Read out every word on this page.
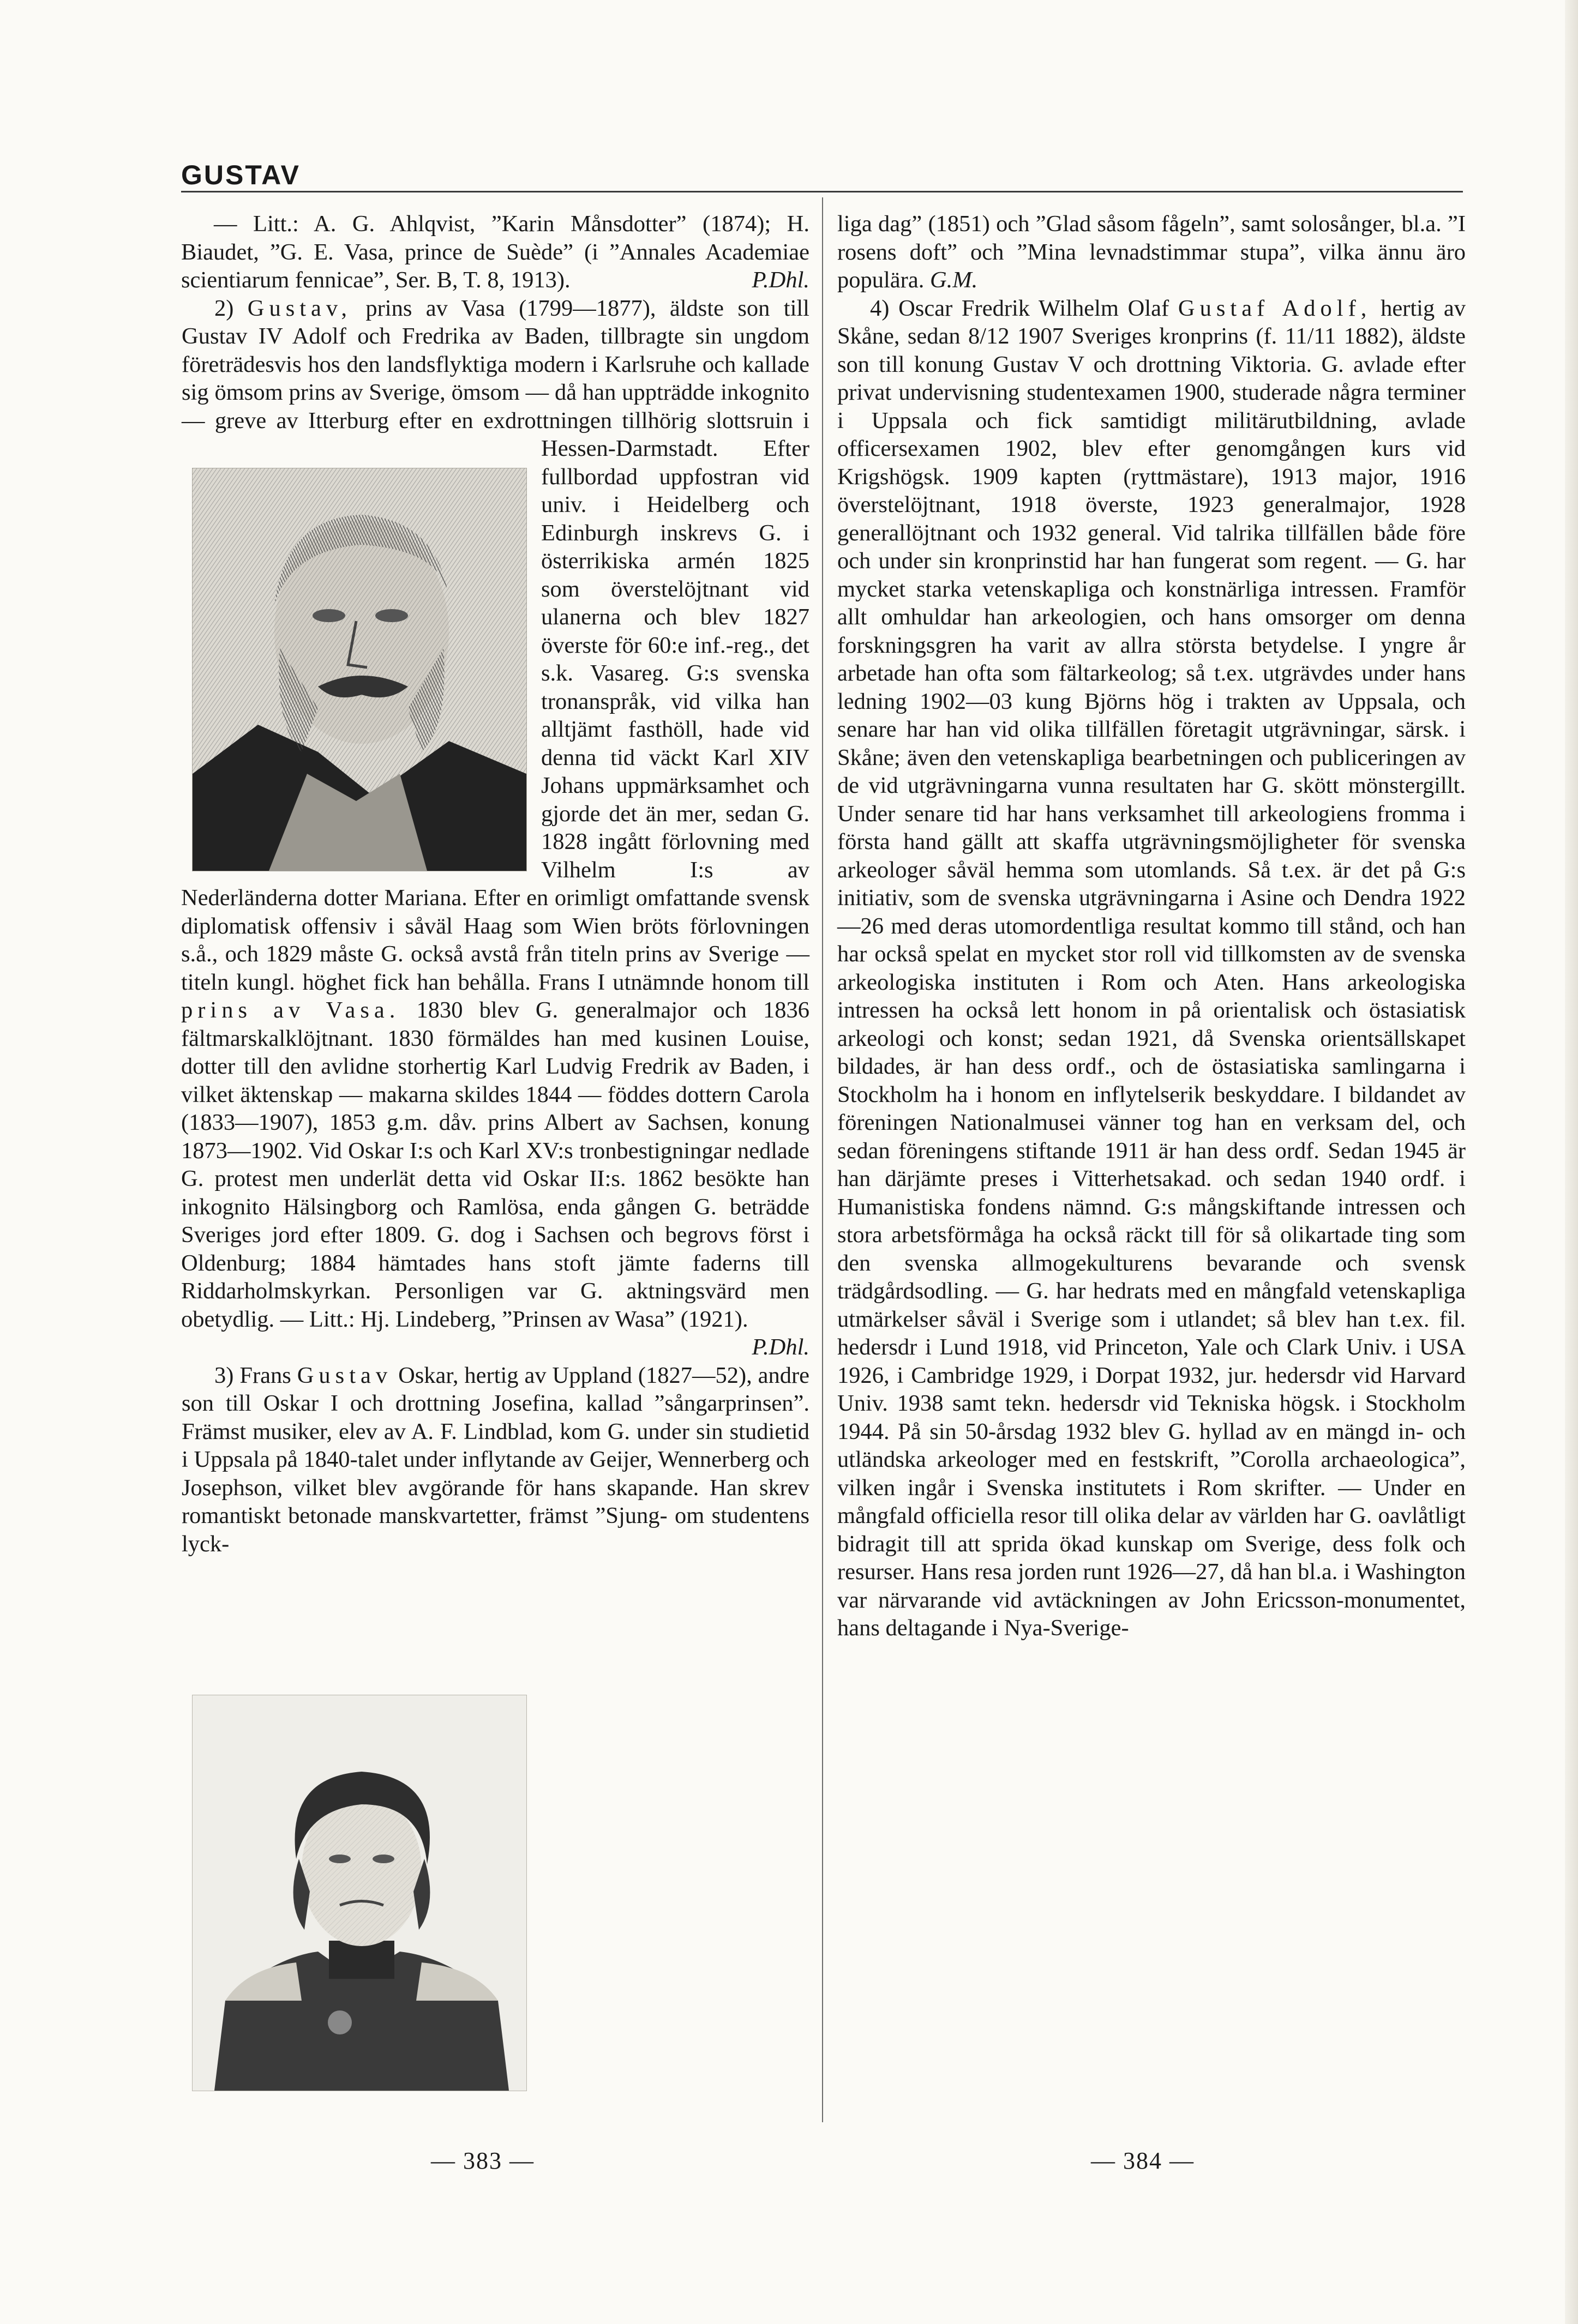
GUSTAV

— Litt.: A. G. Ahlqvist, ”Karin Månsdotter” (1874); H. Biaudet, ”G. E. Vasa, prince de Suède” (i ”Annales Academiae scientiarum fennicae”, Ser. B, T. 8, 1913).	P.Dhl.

2) Gustav, prins av Vasa (1799—1877), äldste son till Gustav IV Adolf och Fredrika av Baden, tillbragte sin ungdom företrädesvis hos den landsflyktiga modern i Karlsruhe och kallade sig ömsom prins av Sverige, ömsom — då han uppträdde inkognito — greve av Itterburg efter en exdrottningen tillhörig slottsruin i Hessen-Darmstadt. Efter fullbordad uppfostran vid univ. i Heidelberg och Edinburgh inskrevs G. i österrikiska armén 1825 som överstelöjtnant vid ulanerna och blev 1827 överste för 60:e inf.-reg., det s.k. Vasareg. G:s svenska tronanspråk, vid vilka han alltjämt fasthöll, hade vid denna tid väckt Karl XIV Johans uppmärksamhet och gjorde det än mer, sedan G. 1828 ingått förlovning med Vilhelm I:s av Nederländerna dotter Mariana. Efter en orimligt omfattande svensk diplomatisk offensiv i såväl Haag som Wien bröts förlovningen s.å., och 1829 måste G. också avstå från titeln prins av Sverige — titeln kungl. höghet fick han behålla. Frans I utnämnde honom till prins av Vasa. 1830 blev G. generalmajor och 1836 fältmarskalklöjtnant. 1830 förmäldes han med kusinen Louise, dotter till den avlidne storhertig Karl Ludvig Fredrik av Baden, i vilket äktenskap — makarna skildes 1844 — föddes dottern Carola (1833—1907), 1853 g.m. dåv. prins Albert av Sachsen, konung 1873—1902. Vid Oskar I:s och Karl XV:s tronbestigningar nedlade G. protest men underlät detta vid Oskar II:s. 1862 besökte han inkognito Hälsingborg och Ramlösa, enda gången G. beträdde Sveriges jord efter 1809. G. dog i Sachsen och begrovs först i Oldenburg; 1884 hämtades hans stoft jämte faderns till Riddarholmskyrkan. Personligen var G. aktningsvärd men obetydlig. — Litt.: Hj. Lindeberg, ”Prinsen av Wasa” (1921).
P.Dhl.

3) Frans Gustav Oskar, hertig av Uppland (1827—52), andre son till Oskar I och drottning Josefina, kallad ”sångarprinsen”. Främst musiker, elev av A. F. Lindblad, kom G. under sin studietid i Uppsala på 1840-talet under inflytande av Geijer, Wennerberg och Josephson, vilket blev avgörande för hans skapande. Han skrev romantiskt betonade manskvartetter, främst ”Sjung- om studentens lyck-

liga dag” (1851) och ”Glad såsom fågeln”, samt solosånger, bl.a. ”I rosens doft” och ”Mina levnadstimmar stupa”, vilka ännu äro populära. G.M.

4) Oscar Fredrik Wilhelm Olaf Gustaf Adolf, hertig av Skåne, sedan 8/12 1907 Sveriges kronprins (f. 11/11 1882), äldste son till konung Gustav V och drottning Viktoria. G. avlade efter privat undervisning studentexamen 1900, studerade några terminer i Uppsala och fick samtidigt militärutbildning, avlade officersexamen 1902, blev efter genomgången kurs vid Krigshögsk. 1909 kapten (ryttmästare), 1913 major, 1916 överstelöjtnant, 1918 överste, 1923 generalmajor, 1928 generallöjtnant och 1932 general. Vid talrika tillfällen både före och under sin kronprinstid har han fungerat som regent. — G. har mycket starka vetenskapliga och konstnärliga intressen. Framför allt omhuldar han arkeologien, och hans omsorger om denna forskningsgren ha varit av allra största betydelse. I yngre år arbetade han ofta som fältarkeolog; så t.ex. utgrävdes under hans ledning 1902—03 kung Björns hög i trakten av Uppsala, och senare har han vid olika tillfällen företagit utgrävningar, särsk. i Skåne; även den vetenskapliga bearbetningen och publiceringen av de vid utgrävningarna vunna resultaten har G. skött mönstergillt. Under senare tid har hans verksamhet till arkeologiens fromma i första hand gällt att skaffa utgrävningsmöjligheter för svenska arkeologer såväl hemma som utomlands. Så t.ex. är det på G:s initiativ, som de svenska utgrävningarna i Asine och Dendra 1922—26 med deras utomordentliga resultat kommo till stånd, och han har också spelat en mycket stor roll vid tillkomsten av de svenska arkeologiska instituten i Rom och Aten. Hans arkeologiska intressen ha också lett honom in på orientalisk och östasiatisk arkeologi och konst; sedan 1921, då Svenska orientsällskapet bildades, är han dess ordf., och de östasiatiska samlingarna i Stockholm ha i honom en inflytelserik beskyddare. I bildandet av föreningen Nationalmusei vänner tog han en verksam del, och sedan föreningens stiftande 1911 är han dess ordf. Sedan 1945 är han därjämte preses i Vitterhetsakad. och sedan 1940 ordf. i Humanistiska fondens nämnd. G:s mångskiftande intressen och stora arbetsförmåga ha också räckt till för så olikartade ting som den svenska allmogekulturens bevarande och svensk trädgårdsodling. — G. har hedrats med en mångfald vetenskapliga utmärkelser såväl i Sverige som i utlandet; så blev han t.ex. fil. hedersdr i Lund 1918, vid Princeton, Yale och Clark Univ. i USA 1926, i Cambridge 1929, i Dorpat 1932, jur. hedersdr vid Harvard Univ. 1938 samt tekn. hedersdr vid Tekniska högsk. i Stockholm 1944. På sin 50-årsdag 1932 blev G. hyllad av en mängd in- och utländska arkeologer med en festskrift, ”Corolla archaeologica”, vilken ingår i Svenska institutets i Rom skrifter. — Under en mångfald officiella resor till olika delar av världen har G. oavlåtligt bidragit till att sprida ökad kunskap om Sverige, dess folk och resurser. Hans resa jorden runt 1926—27, då han bl.a. i Washington var närvarande vid avtäckningen av John Ericsson-monumentet, hans deltagande i Nya-Sverige-

— 383 —	— 384 —
